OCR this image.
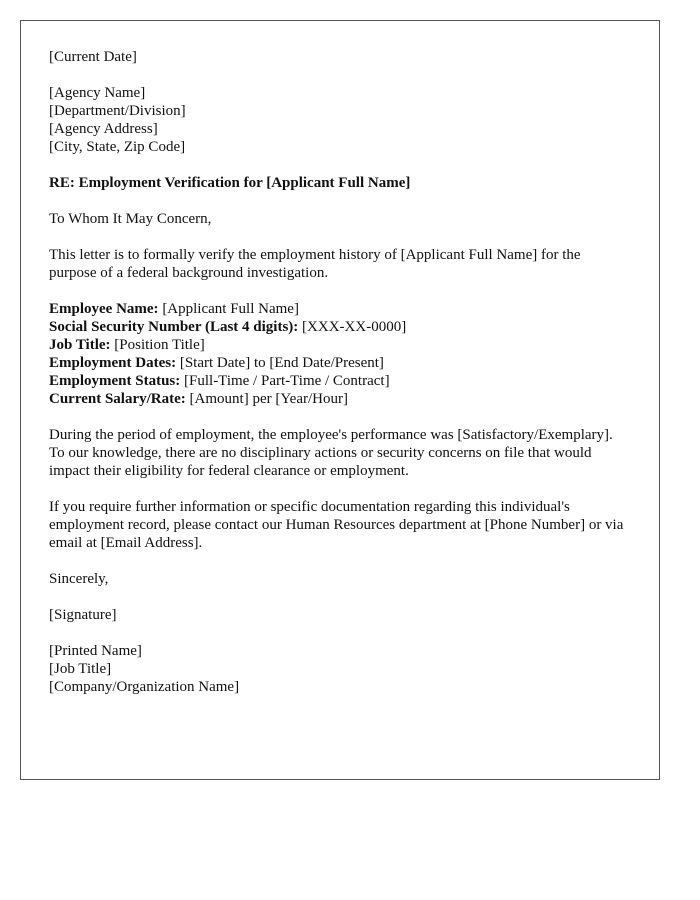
[Current Date]
[Agency Name]
[Department/Division]
[Agency Address]
[City, State, Zip Code]
RE: Employment Verification for [Applicant Full Name]
To Whom It May Concern,
This letter is to formally verify the employment history of [Applicant Full Name] for the purpose of a federal background investigation.
Employee Name: [Applicant Full Name]
Social Security Number (Last 4 digits): [XXX-XX-0000]
Job Title: [Position Title]
Employment Dates: [Start Date] to [End Date/Present]
Employment Status: [Full-Time / Part-Time / Contract]
Current Salary/Rate: [Amount] per [Year/Hour]
During the period of employment, the employee's performance was [Satisfactory/Exemplary]. To our knowledge, there are no disciplinary actions or security concerns on file that would impact their eligibility for federal clearance or employment.
If you require further information or specific documentation regarding this individual's employment record, please contact our Human Resources department at [Phone Number] or via email at [Email Address].
Sincerely,
[Signature]
[Printed Name]
[Job Title]
[Company/Organization Name]
